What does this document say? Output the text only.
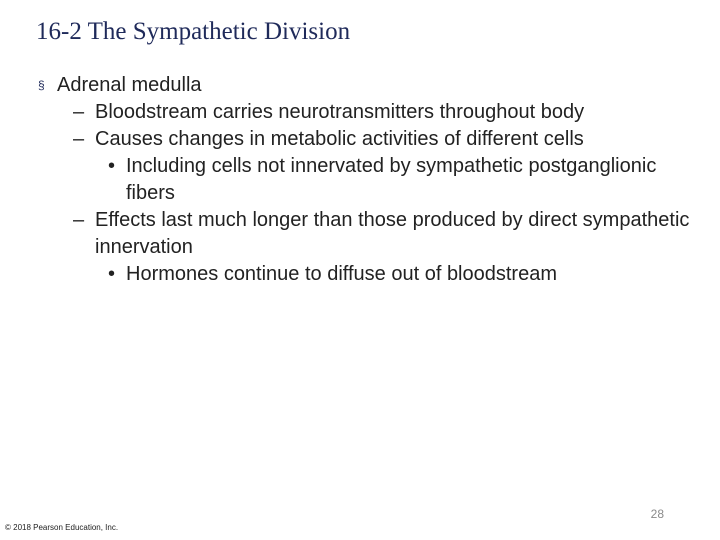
16-2 The Sympathetic Division
§ Adrenal medulla
– Bloodstream carries neurotransmitters throughout body
– Causes changes in metabolic activities of different cells
• Including cells not innervated by sympathetic postganglionic fibers
– Effects last much longer than those produced by direct sympathetic innervation
• Hormones continue to diffuse out of bloodstream
28
© 2018 Pearson Education, Inc.
